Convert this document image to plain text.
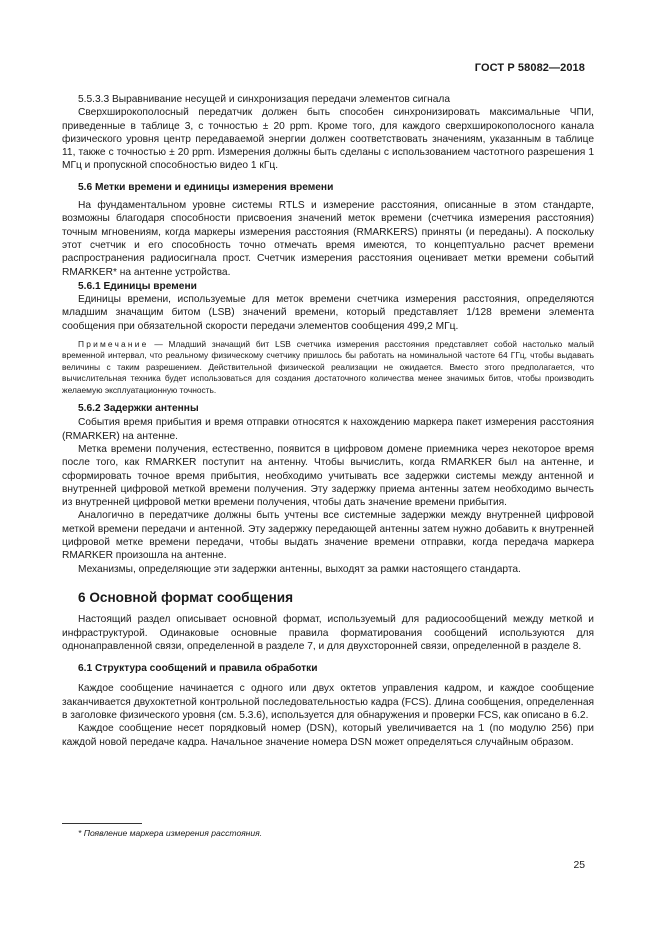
ГОСТ Р 58082—2018

5.5.3.3 Выравнивание несущей и синхронизация передачи элементов сигнала

Сверхширокополосный передатчик должен быть способен синхронизировать максимальные ЧПИ, приведенные в таблице 3, с точностью ± 20 ppm. Кроме того, для каждого сверхширокополосного канала физического уровня центр передаваемой энергии должен соответствовать значениям, указанным в таблице 11, также с точностью ± 20 ppm. Измерения должны быть сделаны с использованием частотного разрешения 1 МГц и пропускной способностью видео 1 кГц.

5.6 Метки времени и единицы измерения времени

На фундаментальном уровне системы RTLS и измерение расстояния, описанные в этом стандарте, возможны благодаря способности присвоения значений меток времени (счетчика измерения расстояния) точным мгновениям, когда маркеры измерения расстояния (RMARKERS) приняты (и переданы). А поскольку этот счетчик и его способность точно отмечать время имеются, то концептуально расчет времени распространения радиосигнала прост. Счетчик измерения расстояния оценивает метки времени событий RMARKER* на антенне устройства.

5.6.1 Единицы времени

Единицы времени, используемые для меток времени счетчика измерения расстояния, определяются младшим значащим битом (LSB) значений времени, который представляет 1/128 времени элемента сообщения при обязательной скорости передачи элементов сообщения 499,2 МГц.

Примечание — Младший значащий бит LSB счетчика измерения расстояния представляет собой настолько малый временной интервал, что реальному физическому счетчику пришлось бы работать на номинальной частоте 64 ГГц, чтобы выдавать величины с таким разрешением. Действительной физической реализации не ожидается. Вместо этого предполагается, что вычислительная техника будет использоваться для создания достаточного количества менее значимых битов, чтобы производить желаемую эксплуатационную точность.
5.6.2 Задержки антенны

События время прибытия и время отправки относятся к нахождению маркера пакет измерения расстояния (RMARKER) на антенне.

Метка времени получения, естественно, появится в цифровом домене приемника через некоторое время после того, как RMARKER поступит на антенну. Чтобы вычислить, когда RMARKER был на антенне, и сформировать точное время прибытия, необходимо учитывать все задержки системы между антенной и внутренней цифровой меткой времени получения. Эту задержку приема антенны затем необходимо вычесть из внутренней цифровой метки времени получения, чтобы дать значение времени прибытия.

Аналогично в передатчике должны быть учтены все системные задержки между внутренней цифровой меткой времени передачи и антенной. Эту задержку передающей антенны затем нужно добавить к внутренней цифровой метке времени передачи, чтобы выдать значение времени отправки, когда передача маркера RMARKER произошла на антенне.

Механизмы, определяющие эти задержки антенны, выходят за рамки настоящего стандарта.

6 Основной формат сообщения

Настоящий раздел описывает основной формат, используемый для радиосообщений между меткой и инфраструктурой. Одинаковые основные правила форматирования сообщений используются для однонаправленной связи, определенной в разделе 7, и для двухсторонней связи, определенной в разделе 8.

6.1 Структура сообщений и правила обработки

Каждое сообщение начинается с одного или двух октетов управления кадром, и каждое сообщение заканчивается двухоктетной контрольной последовательностью кадра (FCS). Длина сообщения, определенная в заголовке физического уровня (см. 5.3.6), используется для обнаружения и проверки FCS, как описано в 6.2.

Каждое сообщение несет порядковый номер (DSN), который увеличивается на 1 (по модулю 256) при каждой новой передаче кадра. Начальное значение номера DSN может определяться случайным образом.

* Появление маркера измерения расстояния.
25
